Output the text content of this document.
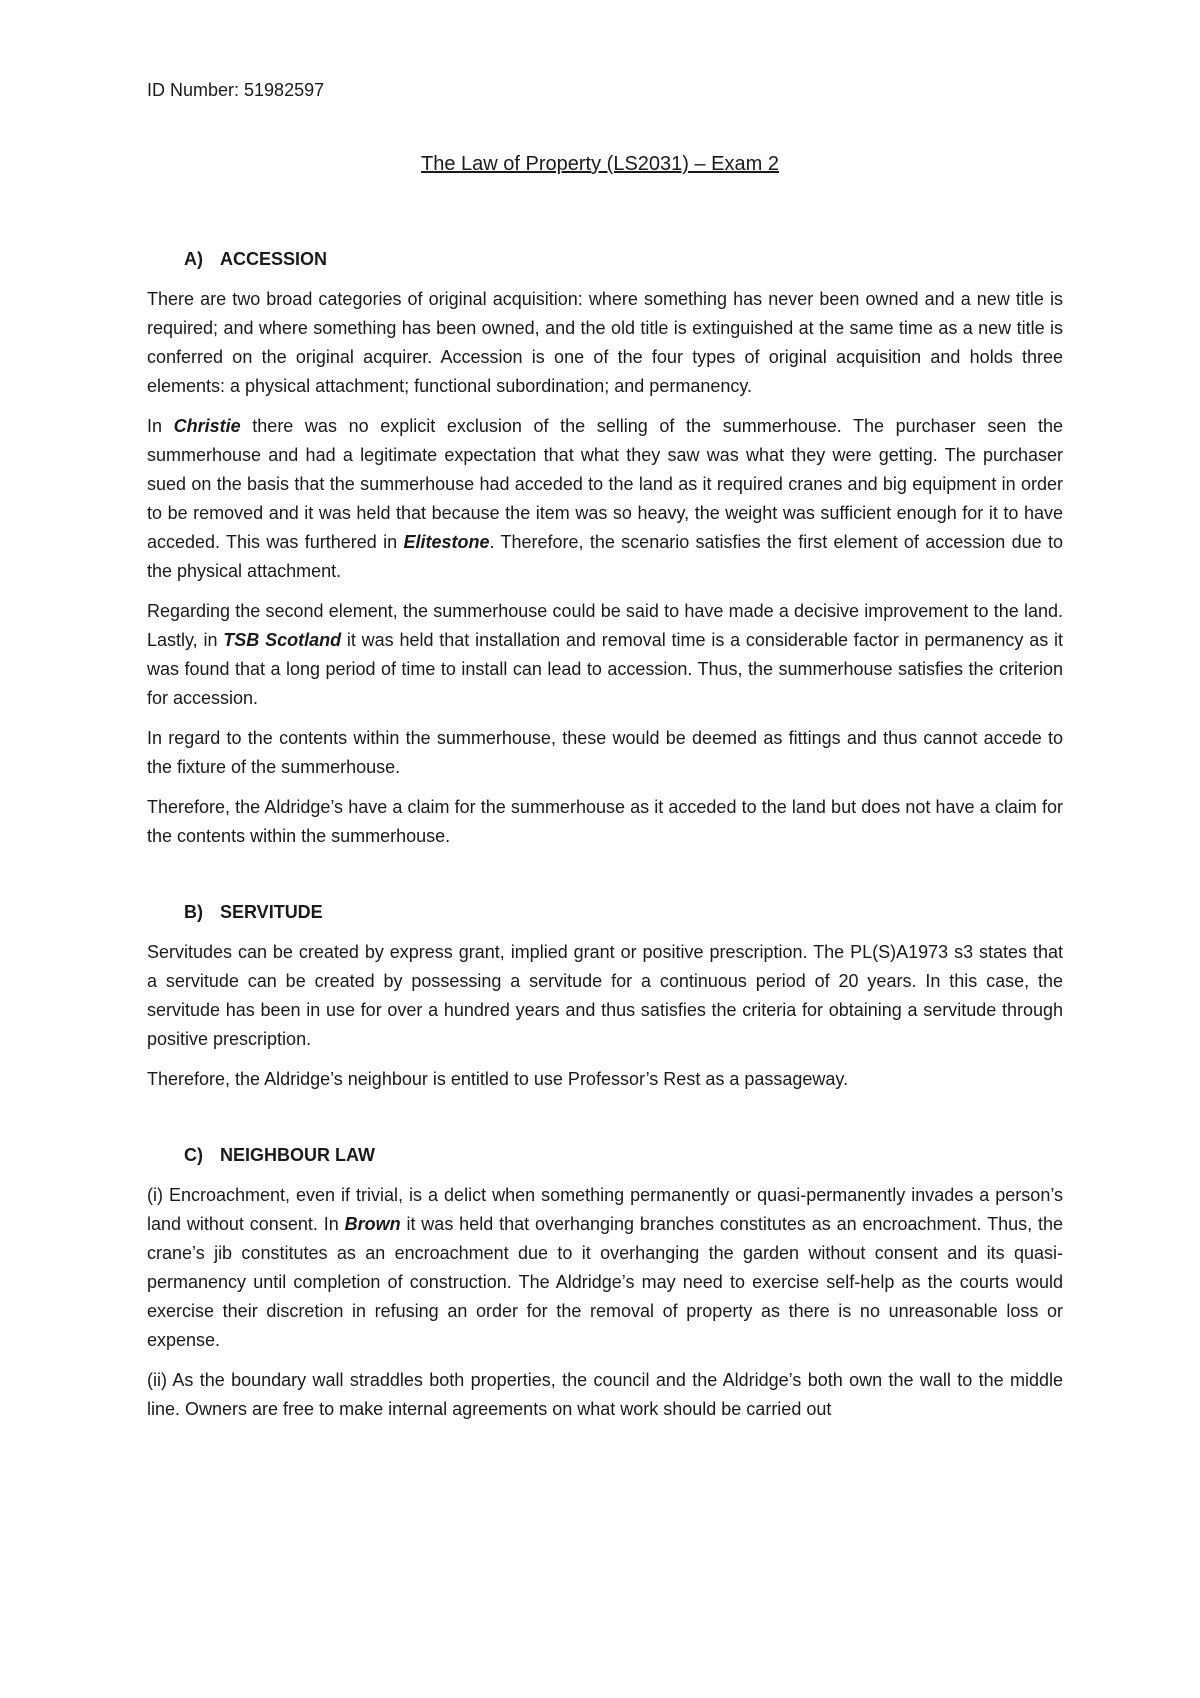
ID Number: 51982597
The Law of Property (LS2031) – Exam 2
A) ACCESSION

There are two broad categories of original acquisition: where something has never been owned and a new title is required; and where something has been owned, and the old title is extinguished at the same time as a new title is conferred on the original acquirer. Accession is one of the four types of original acquisition and holds three elements: a physical attachment; functional subordination; and permanency.

In Christie there was no explicit exclusion of the selling of the summerhouse. The purchaser seen the summerhouse and had a legitimate expectation that what they saw was what they were getting. The purchaser sued on the basis that the summerhouse had acceded to the land as it required cranes and big equipment in order to be removed and it was held that because the item was so heavy, the weight was sufficient enough for it to have acceded. This was furthered in Elitestone. Therefore, the scenario satisfies the first element of accession due to the physical attachment.

Regarding the second element, the summerhouse could be said to have made a decisive improvement to the land. Lastly, in TSB Scotland it was held that installation and removal time is a considerable factor in permanency as it was found that a long period of time to install can lead to accession. Thus, the summerhouse satisfies the criterion for accession.

In regard to the contents within the summerhouse, these would be deemed as fittings and thus cannot accede to the fixture of the summerhouse.

Therefore, the Aldridge’s have a claim for the summerhouse as it acceded to the land but does not have a claim for the contents within the summerhouse.

B) SERVITUDE

Servitudes can be created by express grant, implied grant or positive prescription. The PL(S)A1973 s3 states that a servitude can be created by possessing a servitude for a continuous period of 20 years. In this case, the servitude has been in use for over a hundred years and thus satisfies the criteria for obtaining a servitude through positive prescription.

Therefore, the Aldridge’s neighbour is entitled to use Professor’s Rest as a passageway.

C) NEIGHBOUR LAW

(i) Encroachment, even if trivial, is a delict when something permanently or quasi-permanently invades a person’s land without consent. In Brown it was held that overhanging branches constitutes as an encroachment. Thus, the crane’s jib constitutes as an encroachment due to it overhanging the garden without consent and its quasi-permanency until completion of construction. The Aldridge’s may need to exercise self-help as the courts would exercise their discretion in refusing an order for the removal of property as there is no unreasonable loss or expense.

(ii) As the boundary wall straddles both properties, the council and the Aldridge’s both own the wall to the middle line. Owners are free to make internal agreements on what work should be carried out
